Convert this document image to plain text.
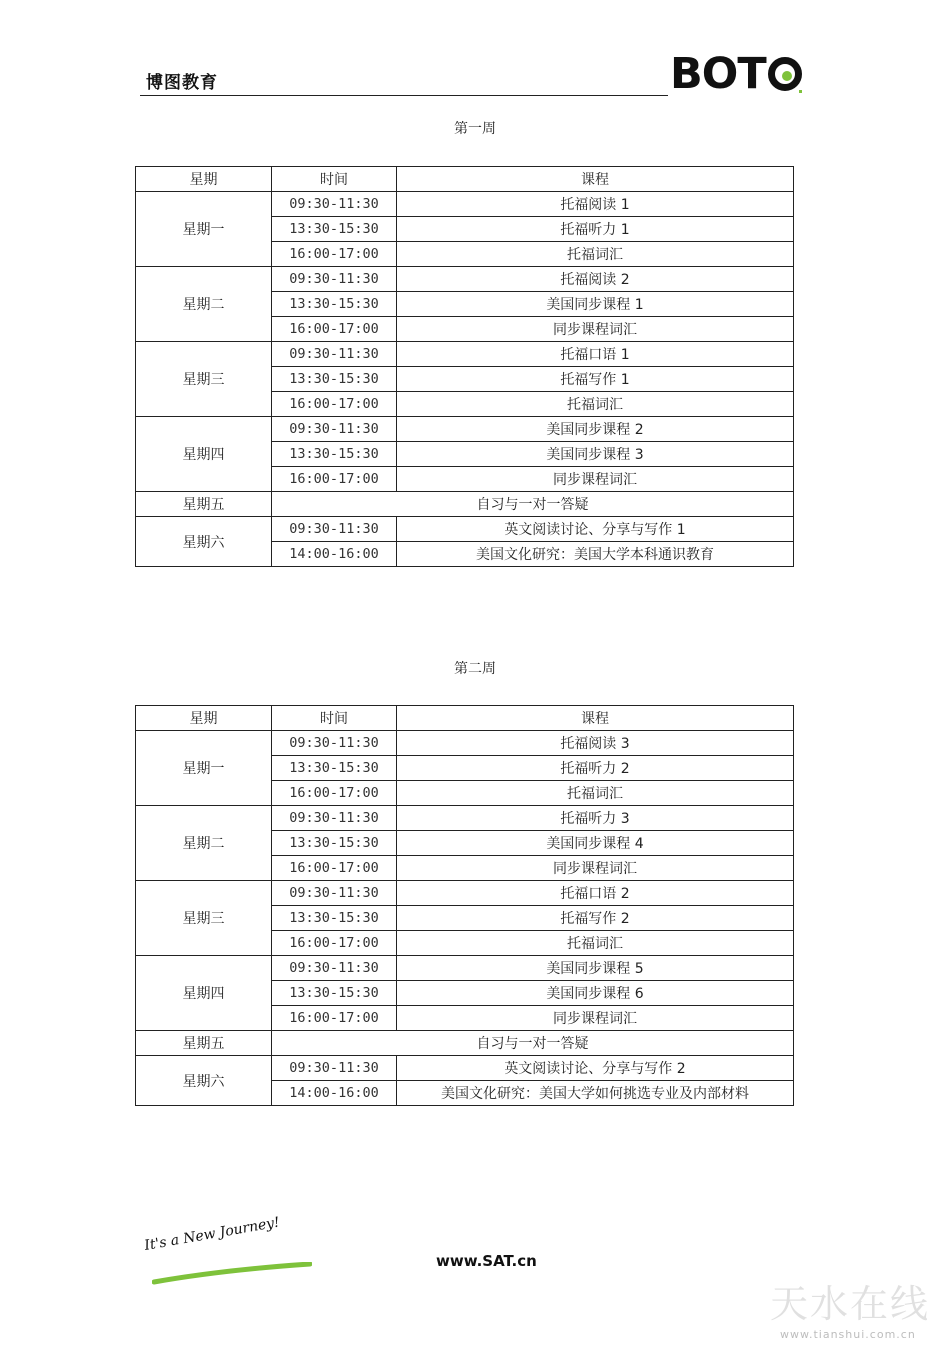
博图教育	BOT
第一周
星期	时间	课程
星期一	09:30-11:30	托福阅读 1
	13:30-15:30	托福听力 1
	16:00-17:00	托福词汇
星期二	09:30-11:30	托福阅读 2
	13:30-15:30	美国同步课程 1
	16:00-17:00	同步课程词汇
星期三	09:30-11:30	托福口语 1
	13:30-15:30	托福写作 1
	16:00-17:00	托福词汇
星期四	09:30-11:30	美国同步课程 2
	13:30-15:30	美国同步课程 3
	16:00-17:00	同步课程词汇
星期五	自习与一对一答疑	
星期六	09:30-11:30	英文阅读讨论、分享与写作 1
	14:00-16:00	美国文化研究：美国大学本科通识教育
第二周
星期	时间	课程
星期一	09:30-11:30	托福阅读 3
	13:30-15:30	托福听力 2
	16:00-17:00	托福词汇
星期二	09:30-11:30	托福听力 3
	13:30-15:30	美国同步课程 4
	16:00-17:00	同步课程词汇
星期三	09:30-11:30	托福口语 2
	13:30-15:30	托福写作 2
	16:00-17:00	托福词汇
星期四	09:30-11:30	美国同步课程 5
	13:30-15:30	美国同步课程 6
	16:00-17:00	同步课程词汇
星期五	自习与一对一答疑	
星期六	09:30-11:30	英文阅读讨论、分享与写作 2
	14:00-16:00	美国文化研究：美国大学如何挑选专业及内部材料
It's a New Journey!
www.SAT.cn
天水在线
www.tianshui.com.cn
